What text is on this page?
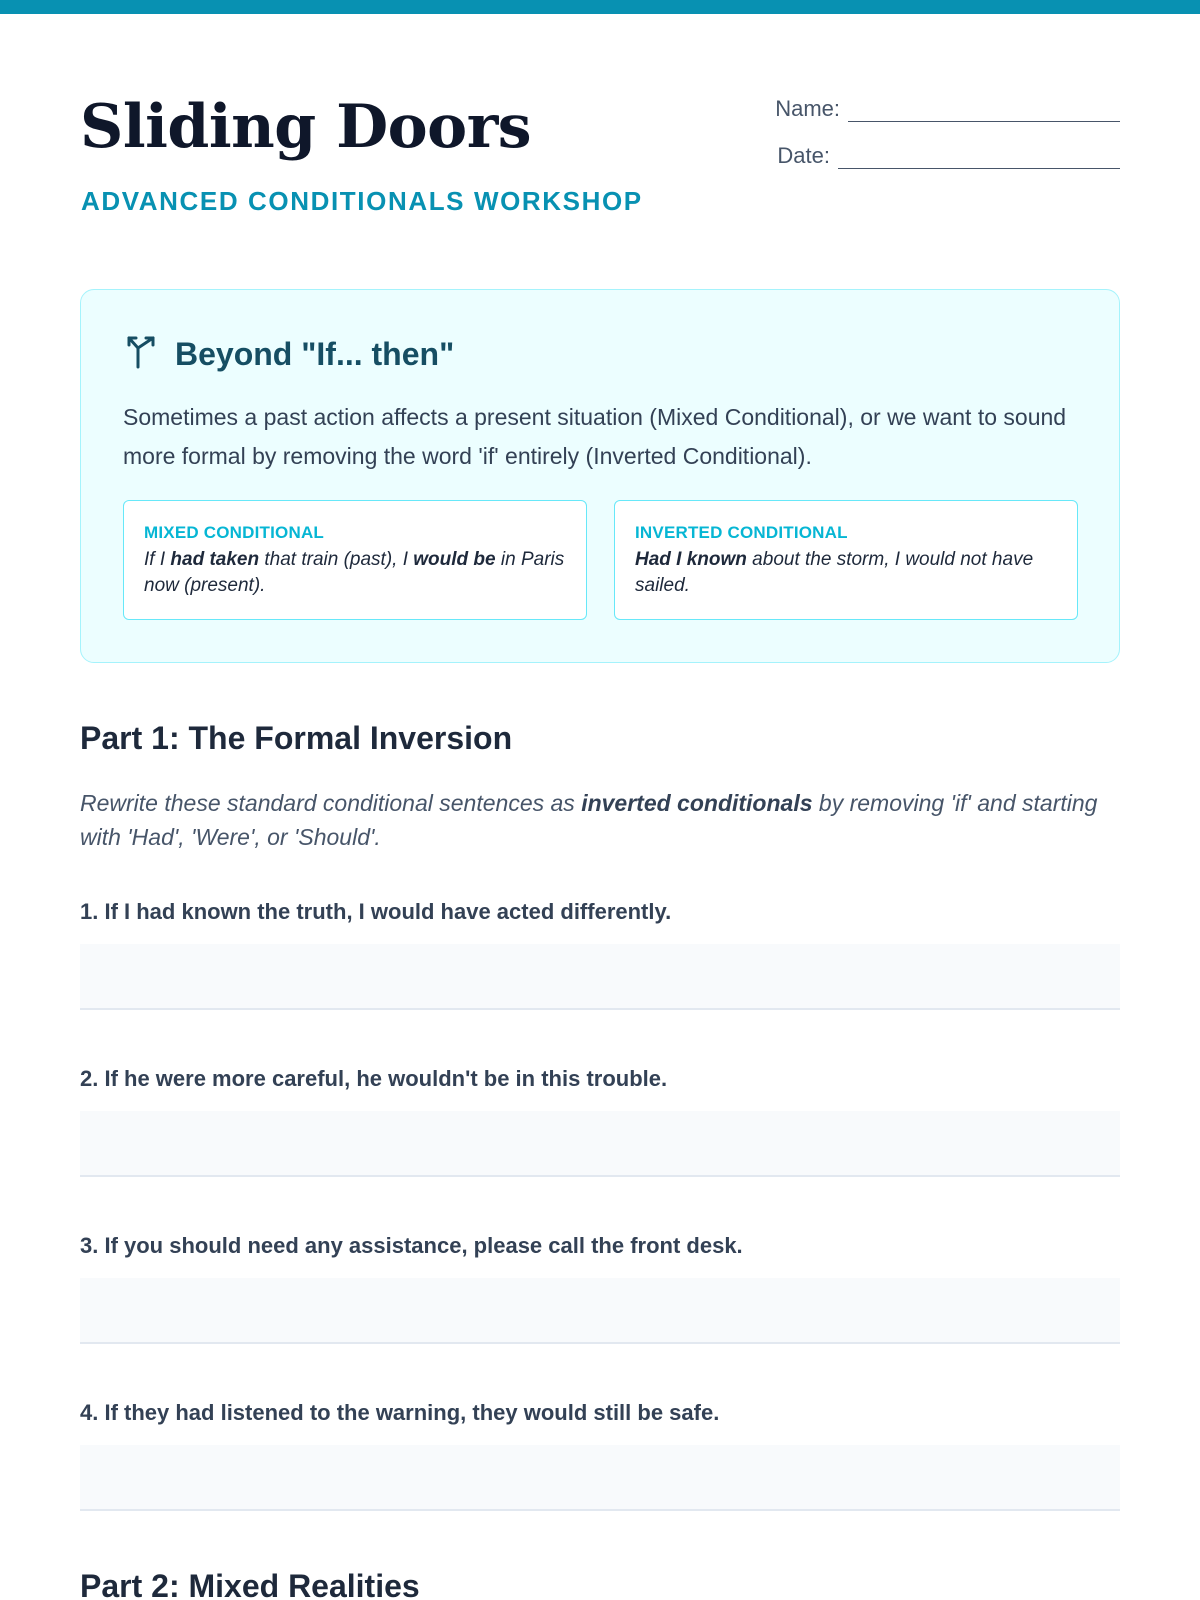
Sliding Doors
ADVANCED CONDITIONALS WORKSHOP
Name:
Date:
Beyond "If... then"

Sometimes a past action affects a present situation (Mixed Conditional), or we want to sound more formal by removing the word 'if' entirely (Inverted Conditional).

MIXED CONDITIONAL
If I had taken that train (past), I would be in Paris now (present).
INVERTED CONDITIONAL
Had I known about the storm, I would not have sailed.
Part 1: The Formal Inversion

Rewrite these standard conditional sentences as inverted conditionals by removing 'if' and starting with 'Had', 'Were', or 'Should'.

1. If I had known the truth, I would have acted differently.
2. If he were more careful, he wouldn't be in this trouble.
3. If you should need any assistance, please call the front desk.
4. If they had listened to the warning, they would still be safe.
Part 2: Mixed Realities
